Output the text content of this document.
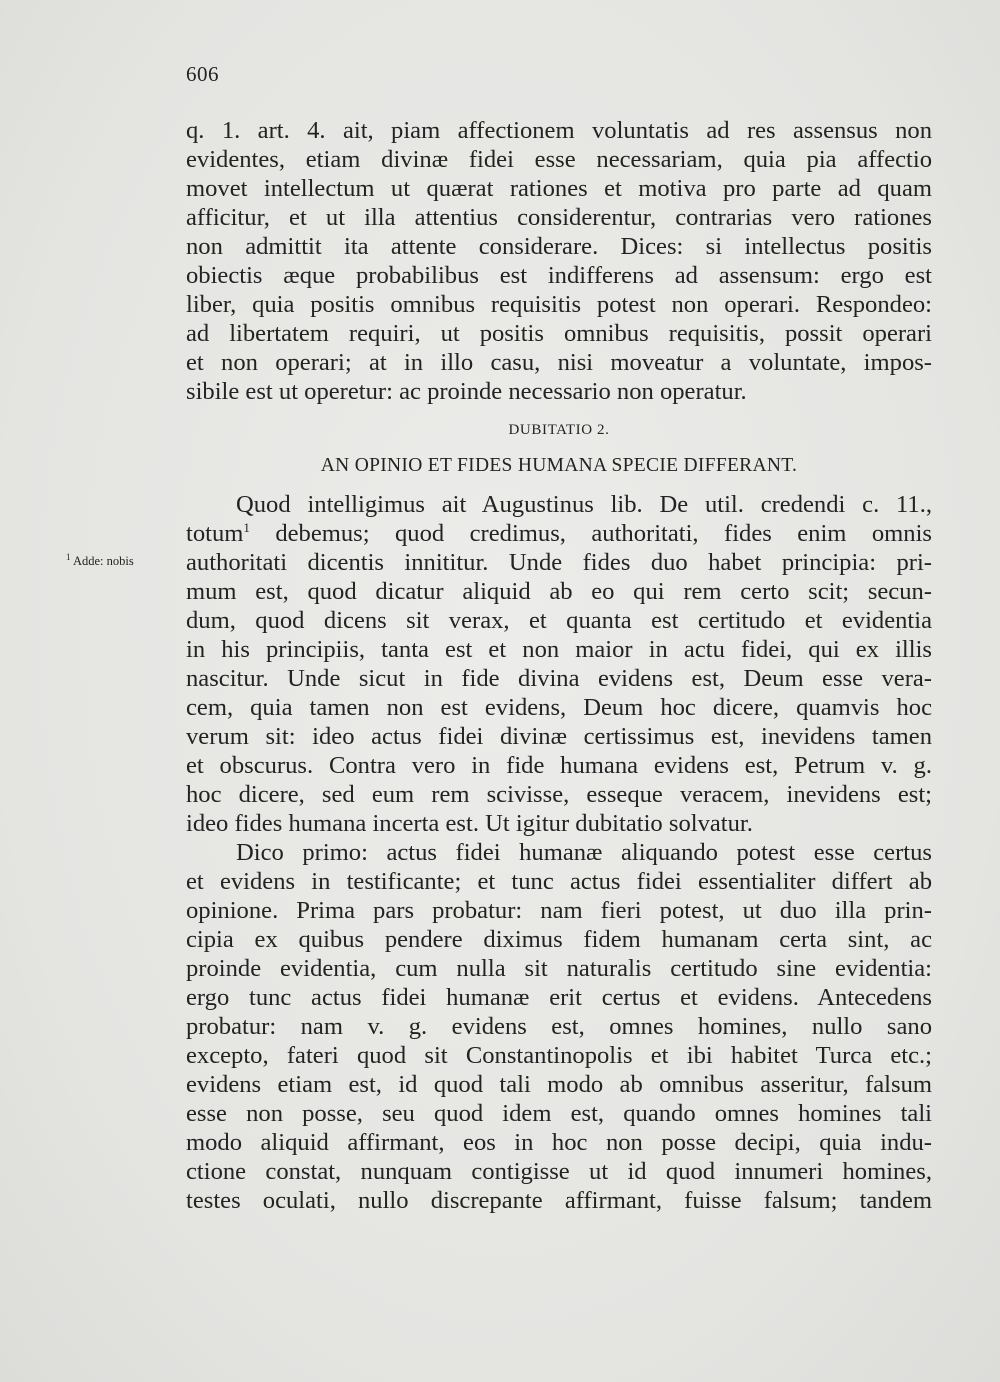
606
$^1$ Adde: nobis
q. 1. art. 4. ait, piam affectionem voluntatis ad res assensus non
evidentes, etiam divinæ fidei esse necessariam, quia pia affectio
movet intellectum ut quærat rationes et motiva pro parte ad quam
afficitur, et ut illa attentius considerentur, contrarias vero rationes
non admittit ita attente considerare. Dices: si intellectus positis
obiectis æque probabilibus est indifferens ad assensum: ergo est
liber, quia positis omnibus requisitis potest non operari. Respondeo:
ad libertatem requiri, ut positis omnibus requisitis, possit operari
et non operari; at in illo casu, nisi moveatur a voluntate, impos-
sibile est ut operetur: ac proinde necessario non operatur.
DUBITATIO 2.
AN OPINIO ET FIDES HUMANA SPECIE DIFFERANT.
Quod intelligimus ait Augustinus lib. De util. credendi c. 11.,
totum$^1$ debemus; quod credimus, authoritati, fides enim omnis
authoritati dicentis innititur. Unde fides duo habet principia: pri-
mum est, quod dicatur aliquid ab eo qui rem certo scit; secun-
dum, quod dicens sit verax, et quanta est certitudo et evidentia
in his principiis, tanta est et non maior in actu fidei, qui ex illis
nascitur. Unde sicut in fide divina evidens est, Deum esse vera-
cem, quia tamen non est evidens, Deum hoc dicere, quamvis hoc
verum sit: ideo actus fidei divinæ certissimus est, inevidens tamen
et obscurus. Contra vero in fide humana evidens est, Petrum v. g.
hoc dicere, sed eum rem scivisse, esseque veracem, inevidens est;
ideo fides humana incerta est. Ut igitur dubitatio solvatur.
Dico primo: actus fidei humanæ aliquando potest esse certus
et evidens in testificante; et tunc actus fidei essentialiter differt ab
opinione. Prima pars probatur: nam fieri potest, ut duo illa prin-
cipia ex quibus pendere diximus fidem humanam certa sint, ac
proinde evidentia, cum nulla sit naturalis certitudo sine evidentia:
ergo tunc actus fidei humanæ erit certus et evidens. Antecedens
probatur: nam v. g. evidens est, omnes homines, nullo sano
excepto, fateri quod sit Constantinopolis et ibi habitet Turca etc.;
evidens etiam est, id quod tali modo ab omnibus asseritur, falsum
esse non posse, seu quod idem est, quando omnes homines tali
modo aliquid affirmant, eos in hoc non posse decipi, quia indu-
ctione constat, nunquam contigisse ut id quod innumeri homines,
testes oculati, nullo discrepante affirmant, fuisse falsum; tandem
